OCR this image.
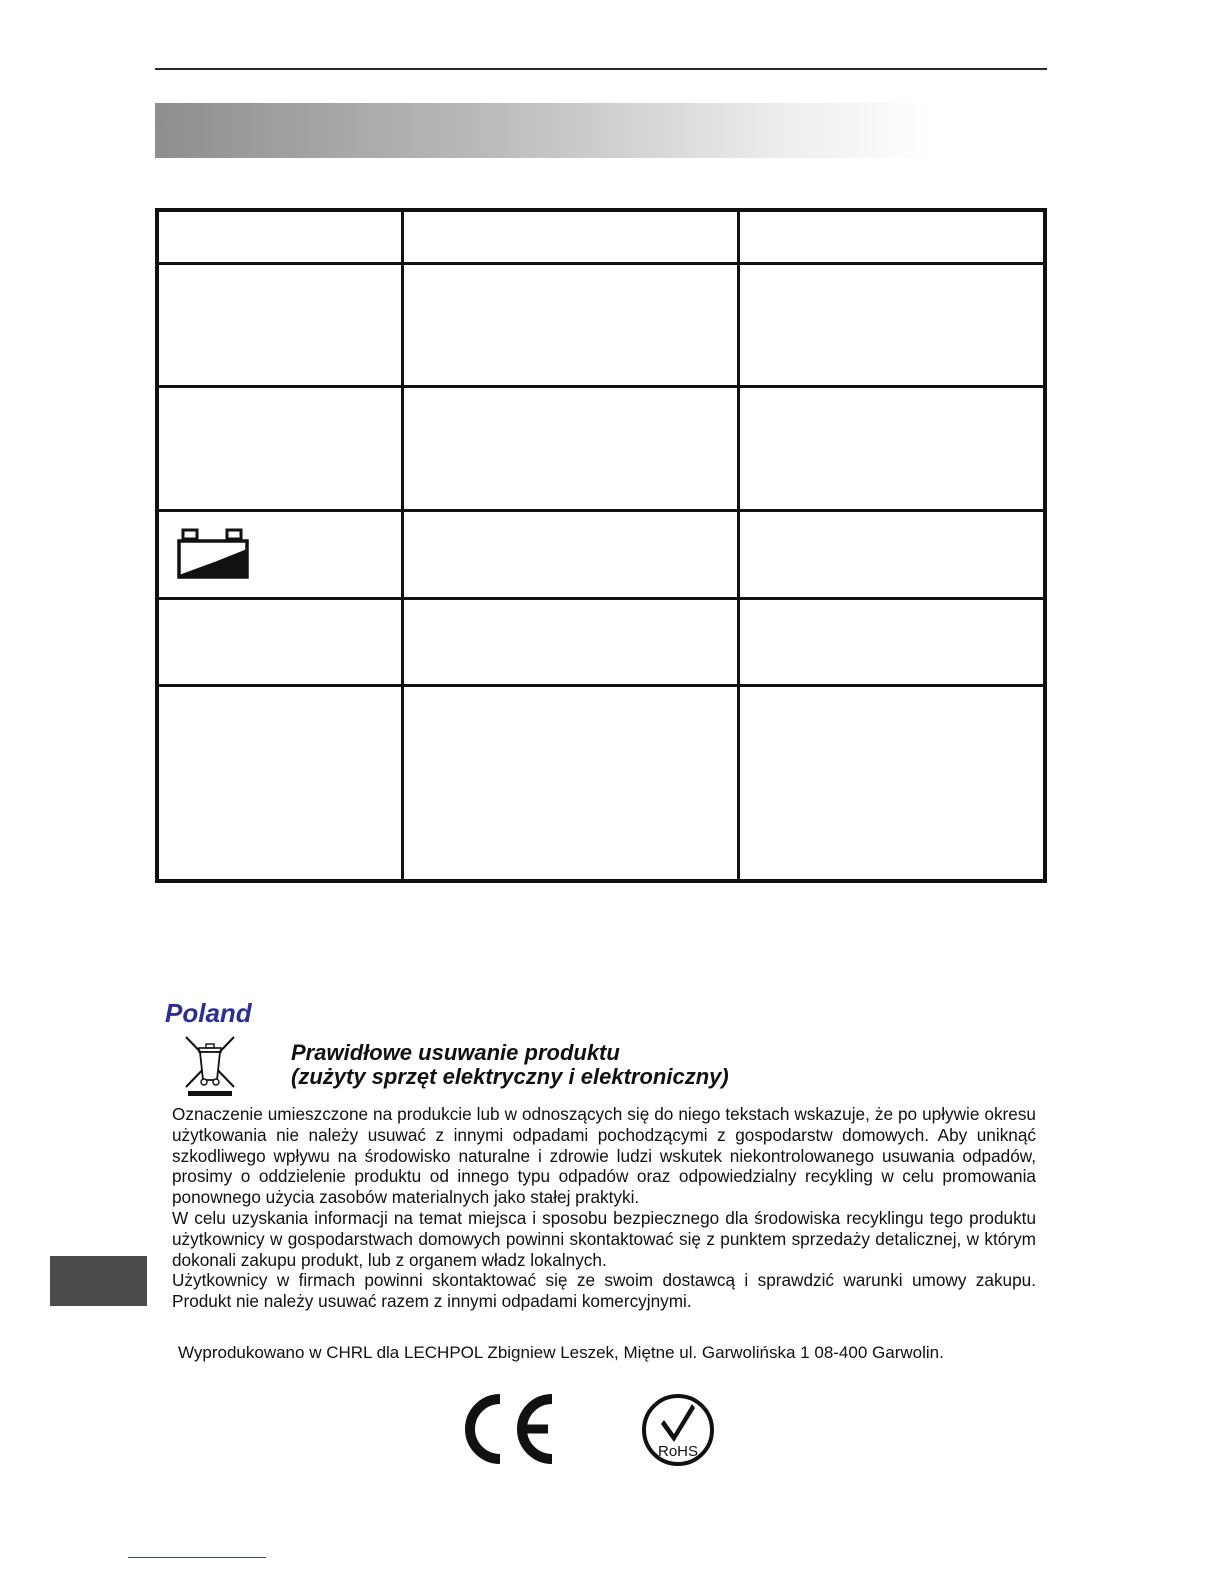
Poland
Prawidłowe usuwanie produktu
(zużyty sprzęt elektryczny i elektroniczny)

Oznaczenie umieszczone na produkcie lub w odnoszących się do niego tekstach wskazuje, że po upływie okresu użytkowania nie należy usuwać z innymi odpadami pochodzącymi z gospodarstw domowych. Aby uniknąć szkodliwego wpływu na środowisko naturalne i zdrowie ludzi wskutek niekontrolowanego usuwania odpadów, prosimy o oddzielenie produktu od innego typu odpadów oraz odpowiedzialny recykling w celu promowania ponownego użycia zasobów materialnych jako stałej praktyki.

W celu uzyskania informacji na temat miejsca i sposobu bezpiecznego dla środowiska recyklingu tego produktu użytkownicy w gospodarstwach domowych powinni skontaktować się z punktem sprzedaży detalicznej, w którym dokonali zakupu produkt, lub z organem władz lokalnych.

Użytkownicy w firmach powinni skontaktować się ze swoim dostawcą i sprawdzić warunki umowy zakupu. Produkt nie należy usuwać razem z innymi odpadami komercyjnymi.

Wyprodukowano w CHRL dla LECHPOL Zbigniew Leszek, Miętne ul. Garwolińska 1 08-400 Garwolin.
RoHS
